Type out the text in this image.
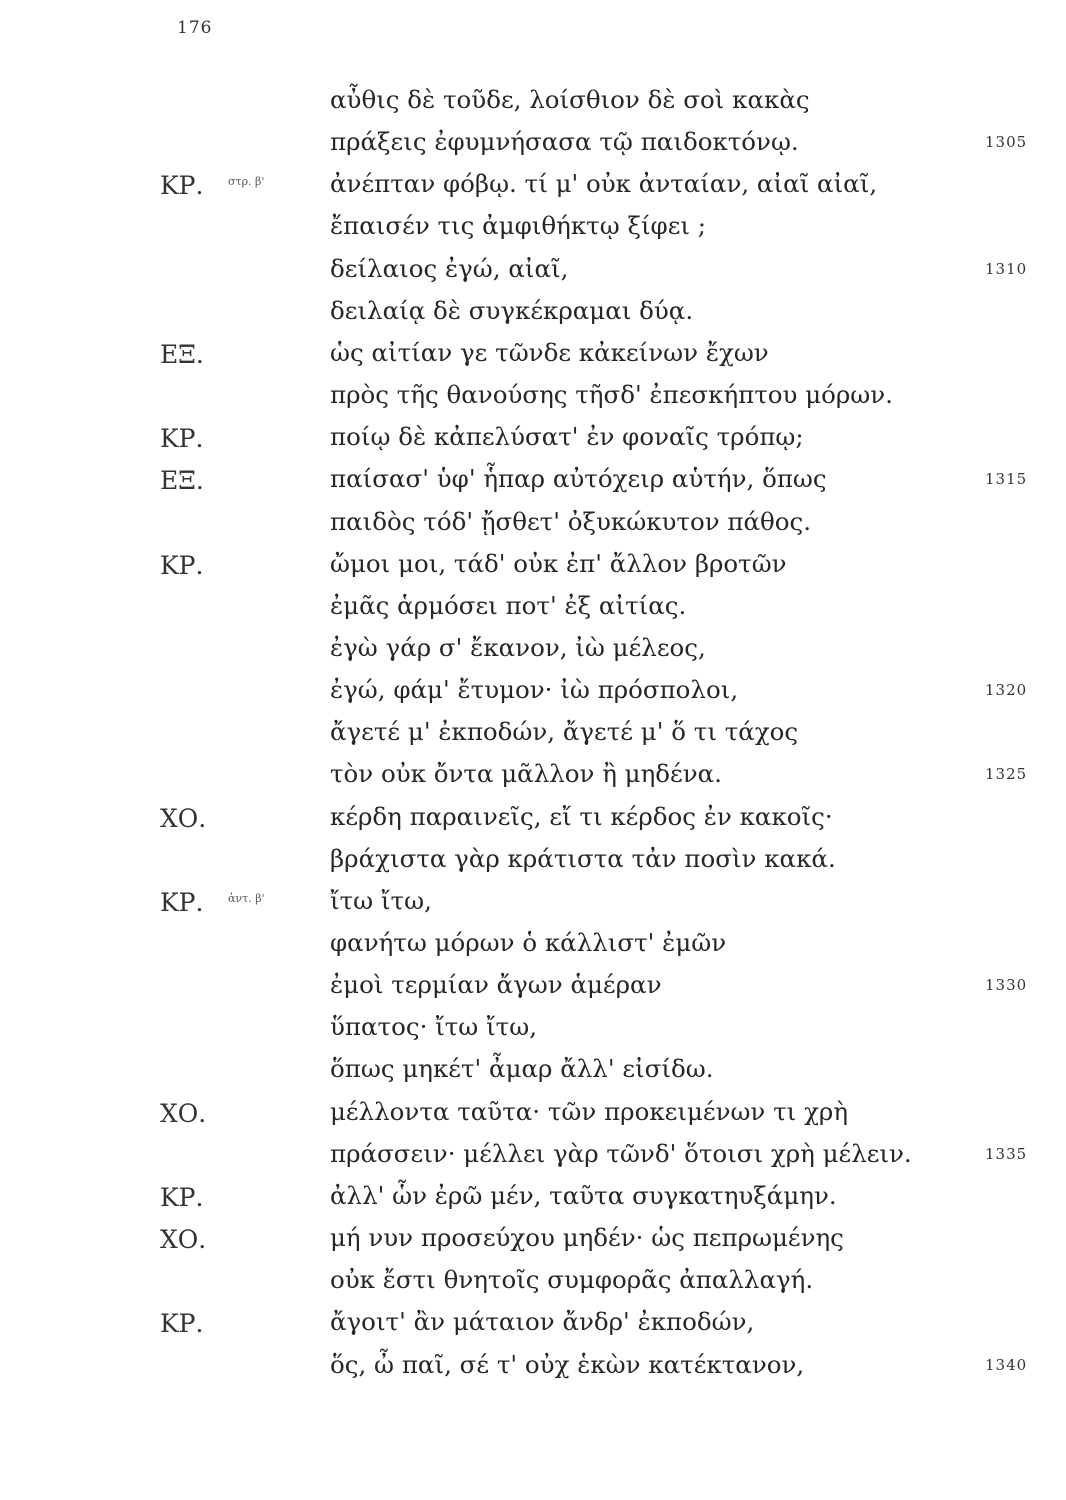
176
αὖθις δὲ τοῦδε, λοίσθιον δὲ σοὶ κακὰς
πράξεις ἐφυμνήσασα τῷ παιδοκτόνῳ.	1305
ΚΡ. στρ. β'	ἀνέπταν φόβῳ. τί μ' οὐκ ἀνταίαν, αἰαῖ αἰαῖ,
ἔπαισέν τις ἀμφιθήκτῳ ξίφει ;
δείλαιος ἐγώ, αἰαῖ,	1310
δειλαίᾳ δὲ συγκέκραμαι δύᾳ.
ΕΞ.	ὡς αἰτίαν γε τῶνδε κἀκείνων ἔχων
πρὸς τῆς θανούσης τῆσδ' ἐπεσκήπτου μόρων.
ΚΡ.	ποίῳ δὲ κἀπελύσατ' ἐν φοναῖς τρόπῳ;
ΕΞ.	παίσασ' ὑφ' ἧπαρ αὐτόχειρ αὑτήν, ὅπως	1315
παιδὸς τόδ' ᾔσθετ' ὀξυκώκυτον πάθος.
ΚΡ.	ὤμοι μοι, τάδ' οὐκ ἐπ' ἄλλον βροτῶν
ἐμᾶς ἁρμόσει ποτ' ἐξ αἰτίας.
ἐγὼ γάρ σ' ἔκανον, ἰὼ μέλεος,
ἐγώ, φάμ' ἔτυμον· ἰὼ πρόσπολοι,	1320
ἄγετέ μ' ἐκποδών, ἄγετέ μ' ὅ τι τάχος
τὸν οὐκ ὄντα μᾶλλον ἢ μηδένα.	1325
ΧΟ.	κέρδη παραινεῖς, εἴ τι κέρδος ἐν κακοῖς·
βράχιστα γὰρ κράτιστα τἀν ποσὶν κακά.
ΚΡ. ἀντ. β'	ἴτω ἴτω,
φανήτω μόρων ὁ κάλλιστ' ἐμῶν
ἐμοὶ τερμίαν ἄγων ἁμέραν	1330
ὕπατος· ἴτω ἴτω,
ὅπως μηκέτ' ἆμαρ ἄλλ' εἰσίδω.
ΧΟ.	μέλλοντα ταῦτα· τῶν προκειμένων τι χρὴ
πράσσειν· μέλλει γὰρ τῶνδ' ὅτοισι χρὴ μέλειν.	1335
ΚΡ.	ἀλλ' ὧν ἐρῶ μέν, ταῦτα συγκατηυξάμην.
ΧΟ.	μή νυν προσεύχου μηδέν· ὡς πεπρωμένης
οὐκ ἔστι θνητοῖς συμφορᾶς ἀπαλλαγή.
ΚΡ.	ἄγοιτ' ἂν μάταιον ἄνδρ' ἐκποδών,
ὅς, ὦ παῖ, σέ τ' οὐχ ἑκὼν κατέκτανον,	1340
